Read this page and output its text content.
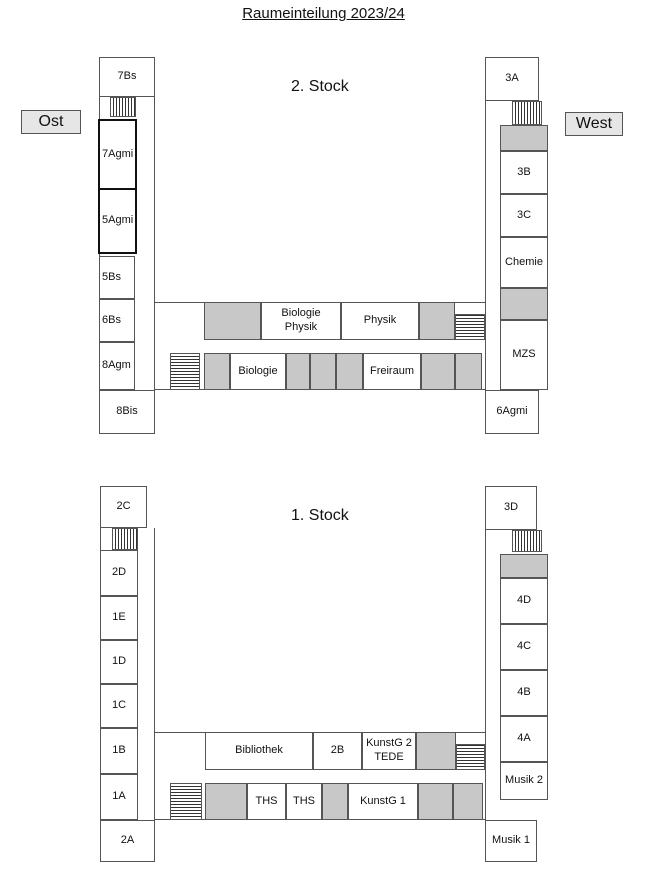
Raumeinteilung 2023/24
Ost	West
2. Stock
7Bs
7Agmi
5Agmi
5Bs
6Bs
8Agm
8Bis
3A
3B
3C
Chemie
MZS
6Agmi
Biologie
Physik
Physik
Biologie	Freiraum
1. Stock
2C
2D
1E
1D
1C
1B
1A
2A
3D
4D
4C
4B
4A
Musik 2
Musik 1
Bibliothek	2B
KunstG 2
TEDE
THS	THS	KunstG 1
